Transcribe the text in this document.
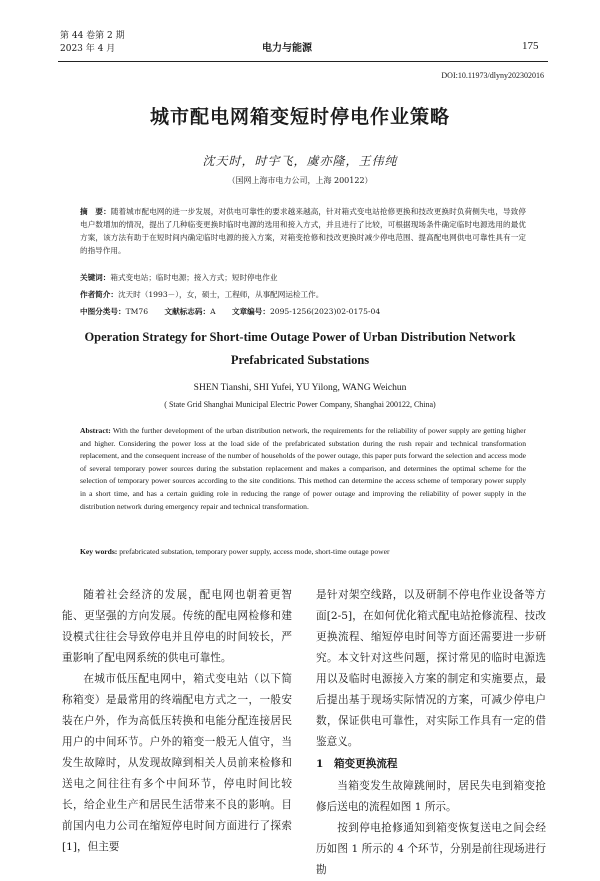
第 44 卷第 2 期
2023 年 4 月	电力与能源	175
DOI:10.11973/dlyny202302016
城市配电网箱变短时停电作业策略
沈天时，时宇飞，虞亦隆，王伟纯
（国网上海市电力公司，上海 200122）
摘　要：随着城市配电网的进一步发展，对供电可靠性的要求越来越高，针对箱式变电站抢修更换和技改更换时负荷侧失电，导致停电户数增加的情况，提出了几种临变更换时临时电源的选用和接入方式，并且进行了比较，可根据现场条件确定临时电源选用的最优方案，该方法有助于在短时间内确定临时电源的接入方案，对箱变抢修和技改更换时减少停电范围、提高配电网供电可靠性具有一定的指导作用。
关键词：箱式变电站；临时电源；接入方式；短时停电作业
作者简介：沈天时（1993－），女，硕士，工程师，从事配网运检工作。
中图分类号：TM76 文献标志码：A 文章编号：2095-1256(2023)02-0175-04
Operation Strategy for Short-time Outage Power of Urban Distribution Network
Prefabricated Substations
SHEN Tianshi, SHI Yufei, YU Yilong, WANG Weichun
( State Grid Shanghai Municipal Electric Power Company, Shanghai 200122, China)
Abstract: With the further development of the urban distribution network, the requirements for the reliability of power supply are getting higher and higher. Considering the power loss at the load side of the prefabricated substation during the rush repair and technical transformation replacement, and the consequent increase of the number of households of the power outage, this paper puts forward the selection and access mode of several temporary power sources during the substation replacement and makes a comparison, and determines the optimal scheme for the selection of temporary power sources according to the site conditions. This method can determine the access scheme of temporary power supply in a short time, and has a certain guiding role in reducing the range of power outage and improving the reliability of power supply in the distribution network during emergency repair and technical transformation.
Key words: prefabricated substation, temporary power supply, access mode, short-time outage power

随着社会经济的发展，配电网也朝着更智能、更坚强的方向发展。传统的配电网检修和建设模式往往会导致停电并且停电的时间较长，严重影响了配电网系统的供电可靠性。

在城市低压配电网中，箱式变电站（以下简称箱变）是最常用的终端配电方式之一，一般安装在户外，作为高低压转换和电能分配连接居民用户的中间环节。户外的箱变一般无人值守，当发生故障时，从发现故障到相关人员前来检修和送电之间往往有多个中间环节，停电时间比较长，给企业生产和居民生活带来不良的影响。目前国内电力公司在缩短停电时间方面进行了探索[1]，但主要

是针对架空线路，以及研制不停电作业设备等方面[2-5]，在如何优化箱式配电站抢修流程、技改更换流程、缩短停电时间等方面还需要进一步研究。本文针对这些问题，探讨常见的临时电源选用以及临时电源接入方案的制定和实施要点，最后提出基于现场实际情况的方案，可减少停电户数，保证供电可靠性，对实际工作具有一定的借鉴意义。

1　 箱变更换流程

当箱变发生故障跳闸时，居民失电到箱变抢修后送电的流程如图 1 所示。

按到停电抢修通知到箱变恢复送电之间会经历如图 1 所示的 4 个环节，分别是前往现场进行勘
